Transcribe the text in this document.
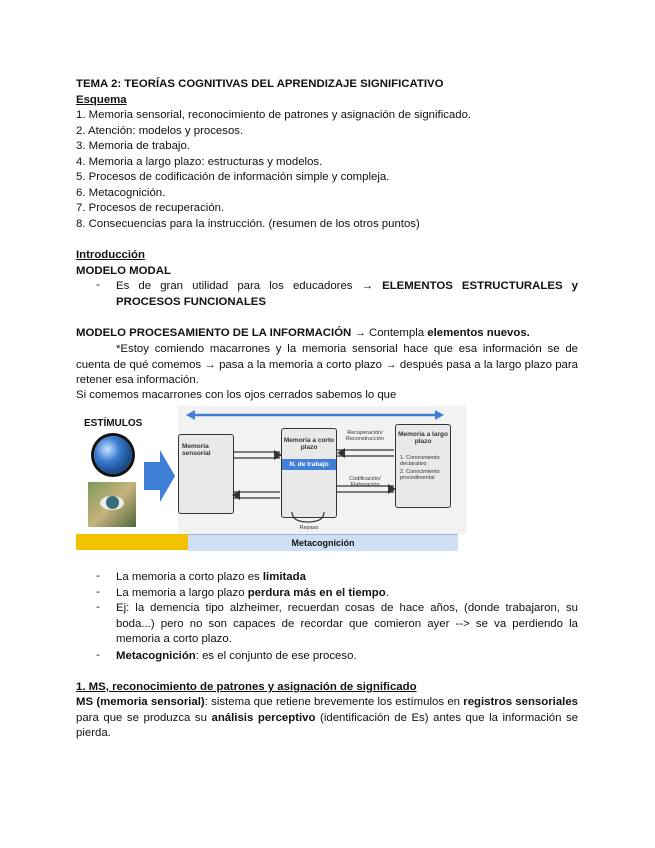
TEMA 2: TEORÍAS COGNITIVAS DEL APRENDIZAJE SIGNIFICATIVO
Esquema
1. Memoria sensorial, reconocimiento de patrones y asignación de significado.
2. Atención: modelos y procesos.
3. Memoria de trabajo.
4. Memoria a largo plazo: estructuras y modelos.
5. Procesos de codificación de información simple y compleja.
6. Metacognición.
7. Procesos de recuperación.
8. Consecuencias para la instrucción. (resumen de los otros puntos)
Introducción
MODELO MODAL
- Es de gran utilidad para los educadores → ELEMENTOS ESTRUCTURALES y PROCESOS FUNCIONALES
MODELO PROCESAMIENTO DE LA INFORMACIÓN → Contempla elementos nuevos.
*Estoy comiendo macarrones y la memoria sensorial hace que esa información se de cuenta de qué comemos → pasa a la memoria a corto plazo → después pasa a la largo plazo para retener esa información.
Si comemos macarrones con los ojos cerrados sabemos lo que
ESTÍMULOS
Memoria sensorial
Memoria a corto plazo
N. de trabajo
Memoria a largo plazo
1. Conocimiento declarativo
2. Conocimiento procedimental
Recuperación/ Reconstrucción
Codificación/ Elaboración
Repaso
Metacognición
- La memoria a corto plazo es limitada
- La memoria a largo plazo perdura más en el tiempo.
- Ej: la demencia tipo alzheimer, recuerdan cosas de hace años, (donde trabajaron, su boda...) pero no son capaces de recordar que comieron ayer --> se va perdiendo la memoria a corto plazo.
- Metacognición: es el conjunto de ese proceso.
1. MS, reconocimiento de patrones y asignación de significado
MS (memoria sensorial): sistema que retiene brevemente los estímulos en registros sensoriales para que se produzca su análisis perceptivo (identificación de Es) antes que la información se pierda.
